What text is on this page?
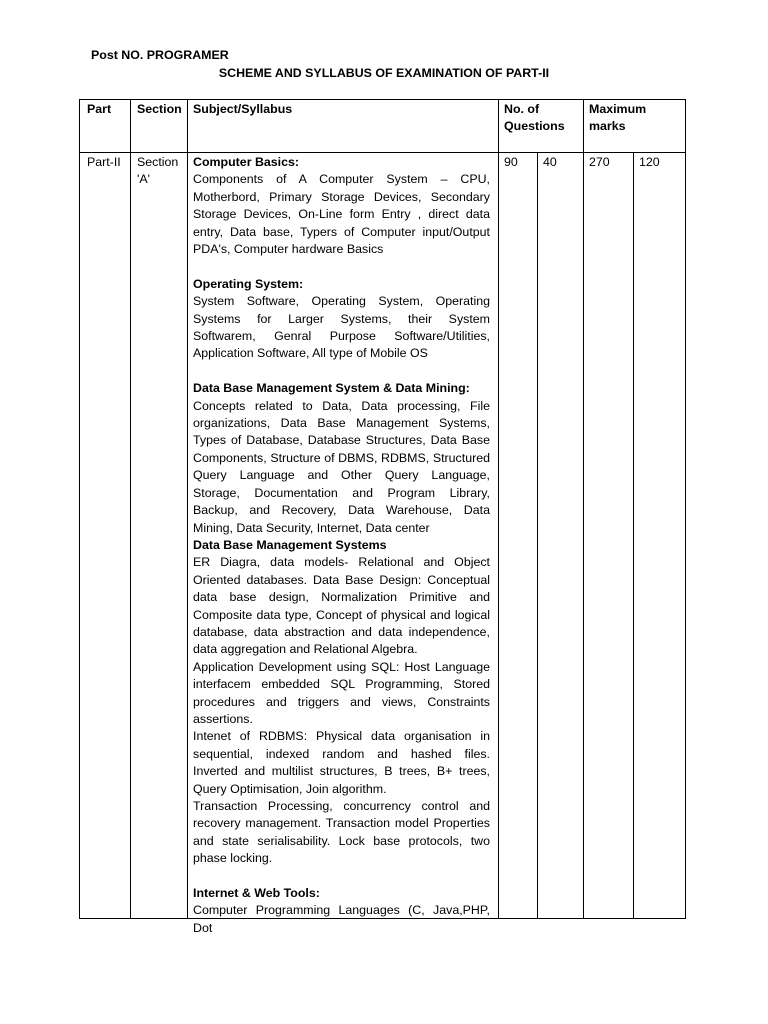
Post NO. PROGRAMER
SCHEME AND SYLLABUS OF EXAMINATION OF PART-II
Part Section Subject/Syllabus	No. of Questions
Maximum marks
Part-II Section 'A'
90 40	270 120
Computer Basics:
Components of A Computer System – CPU, Motherbord, Primary Storage Devices, Secondary Storage Devices, On-Line form Entry , direct data entry, Data base, Typers of Computer input/Output PDA's, Computer hardware Basics
Operating System:
System Software, Operating System, Operating Systems for Larger Systems, their System Softwarem, Genral Purpose Software/Utilities, Application Software, All type of Mobile OS
Data Base Management System & Data Mining:
Concepts related to Data, Data processing, File organizations, Data Base Management Systems, Types of Database, Database Structures, Data Base Components, Structure of DBMS, RDBMS, Structured Query Language and Other Query Language, Storage, Documentation and Program Library, Backup, and Recovery, Data Warehouse, Data Mining, Data Security, Internet, Data center
Data Base Management Systems
ER Diagra, data models- Relational and Object Oriented databases. Data Base Design: Conceptual data base design, Normalization Primitive and Composite data type, Concept of physical and logical database, data abstraction and data independence, data aggregation and Relational Algebra.
Application Development using SQL: Host Language interfacem embedded SQL Programming, Stored procedures and triggers and views, Constraints assertions.
Intenet of RDBMS: Physical data organisation in sequential, indexed random and hashed files. Inverted and multilist structures, B trees, B+ trees, Query Optimisation, Join algorithm.
Transaction Processing, concurrency control and recovery management. Transaction model Properties and state serialisability. Lock base protocols, two phase locking.
Internet & Web Tools:
Computer Programming Languages (C, Java,PHP, Dot
